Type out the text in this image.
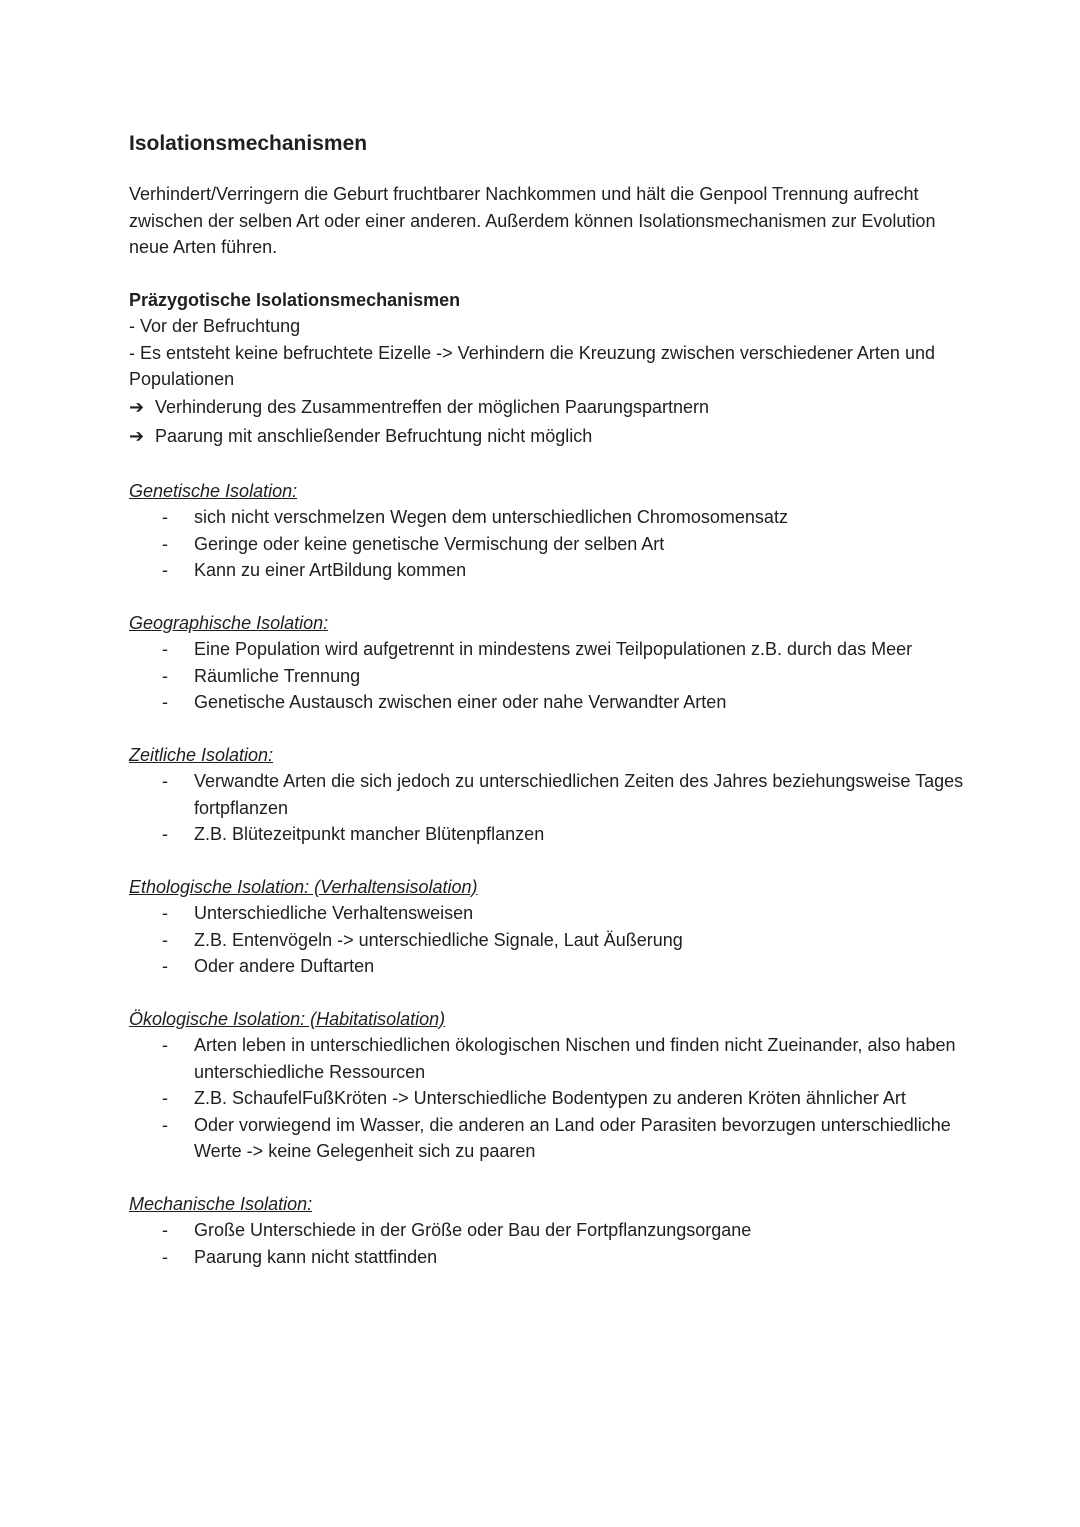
Isolationsmechanismen
Verhindert/Verringern die Geburt fruchtbarer Nachkommen und hält die Genpool Trennung aufrecht zwischen der selben Art oder einer anderen. Außerdem können Isolationsmechanismen zur Evolution neue Arten führen.
Präzygotische Isolationsmechanismen
- Vor der Befruchtung
- Es entsteht keine befruchtete Eizelle -> Verhindern die Kreuzung zwischen verschiedener Arten und Populationen
➔ Verhinderung des Zusammentreffen der möglichen Paarungspartnern
➔ Paarung mit anschließender Befruchtung nicht möglich
Genetische Isolation:
- sich nicht verschmelzen Wegen dem unterschiedlichen Chromosomensatz
- Geringe oder keine genetische Vermischung der selben Art
- Kann zu einer ArtBildung kommen
Geographische Isolation:
- Eine Population wird aufgetrennt in mindestens zwei Teilpopulationen z.B. durch das Meer
- Räumliche Trennung
- Genetische Austausch zwischen einer oder nahe Verwandter Arten
Zeitliche Isolation:
- Verwandte Arten die sich jedoch zu unterschiedlichen Zeiten des Jahres beziehungsweise Tages fortpflanzen
- Z.B. Blütezeitpunkt mancher Blütenpflanzen
Ethologische Isolation: (Verhaltensisolation)
- Unterschiedliche Verhaltensweisen
- Z.B. Entenvögeln -> unterschiedliche Signale, Laut Äußerung
- Oder andere Duftarten
Ökologische Isolation: (Habitatisolation)
- Arten leben in unterschiedlichen ökologischen Nischen und finden nicht Zueinander, also haben unterschiedliche Ressourcen
- Z.B. SchaufelFußKröten -> Unterschiedliche Bodentypen zu anderen Kröten ähnlicher Art
- Oder vorwiegend im Wasser, die anderen an Land oder Parasiten bevorzugen unterschiedliche Werte -> keine Gelegenheit sich zu paaren
Mechanische Isolation:
- Große Unterschiede in der Größe oder Bau der Fortpflanzungsorgane
- Paarung kann nicht stattfinden
